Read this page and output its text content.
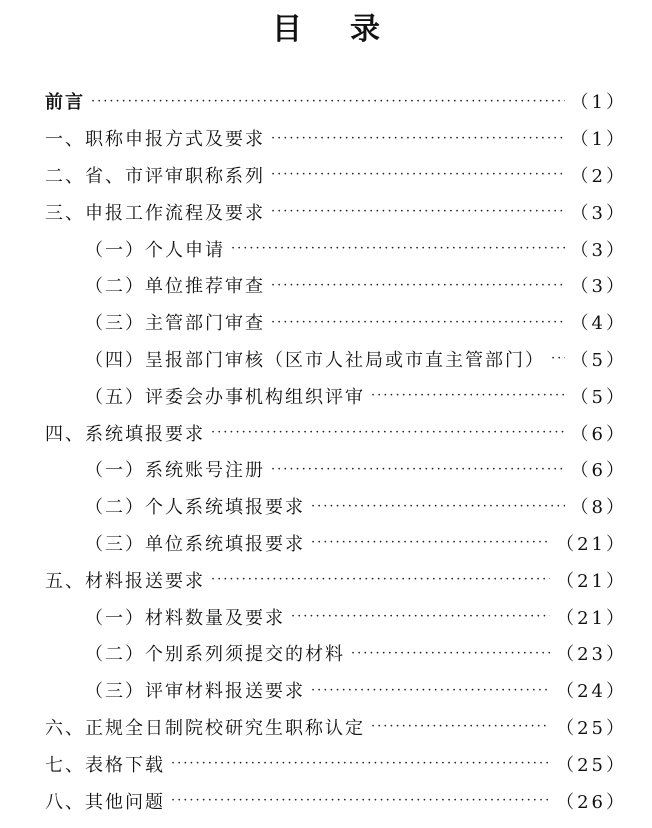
目录
前言 ·····	（1）
一、职称申报方式及要求 ·····	（1）
二、省、市评审职称系列 ·····	（2）
三、申报工作流程及要求 ·····	（3）
（一）个人申请 ·····	（3）
（二）单位推荐审查 ·····	（3）
（三）主管部门审查 ·····	（4）
（四）呈报部门审核（区市人社局或市直主管部门） ····· （5）
（五）评委会办事机构组织评审 ·····	（5）
四、系统填报要求 ·····	（6）
（一）系统账号注册 ·····	（6）
（二）个人系统填报要求 ·····	（8）
（三）单位系统填报要求 ·····	（21）
五、材料报送要求 ·····	（21）
（一）材料数量及要求 ·····	（21）
（二）个别系列须提交的材料 ·····	（23）
（三）评审材料报送要求 ·····	（24）
六、正规全日制院校研究生职称认定 ·····	（25）
七、表格下载 ·····	（25）
八、其他问题 ·····	（26）
